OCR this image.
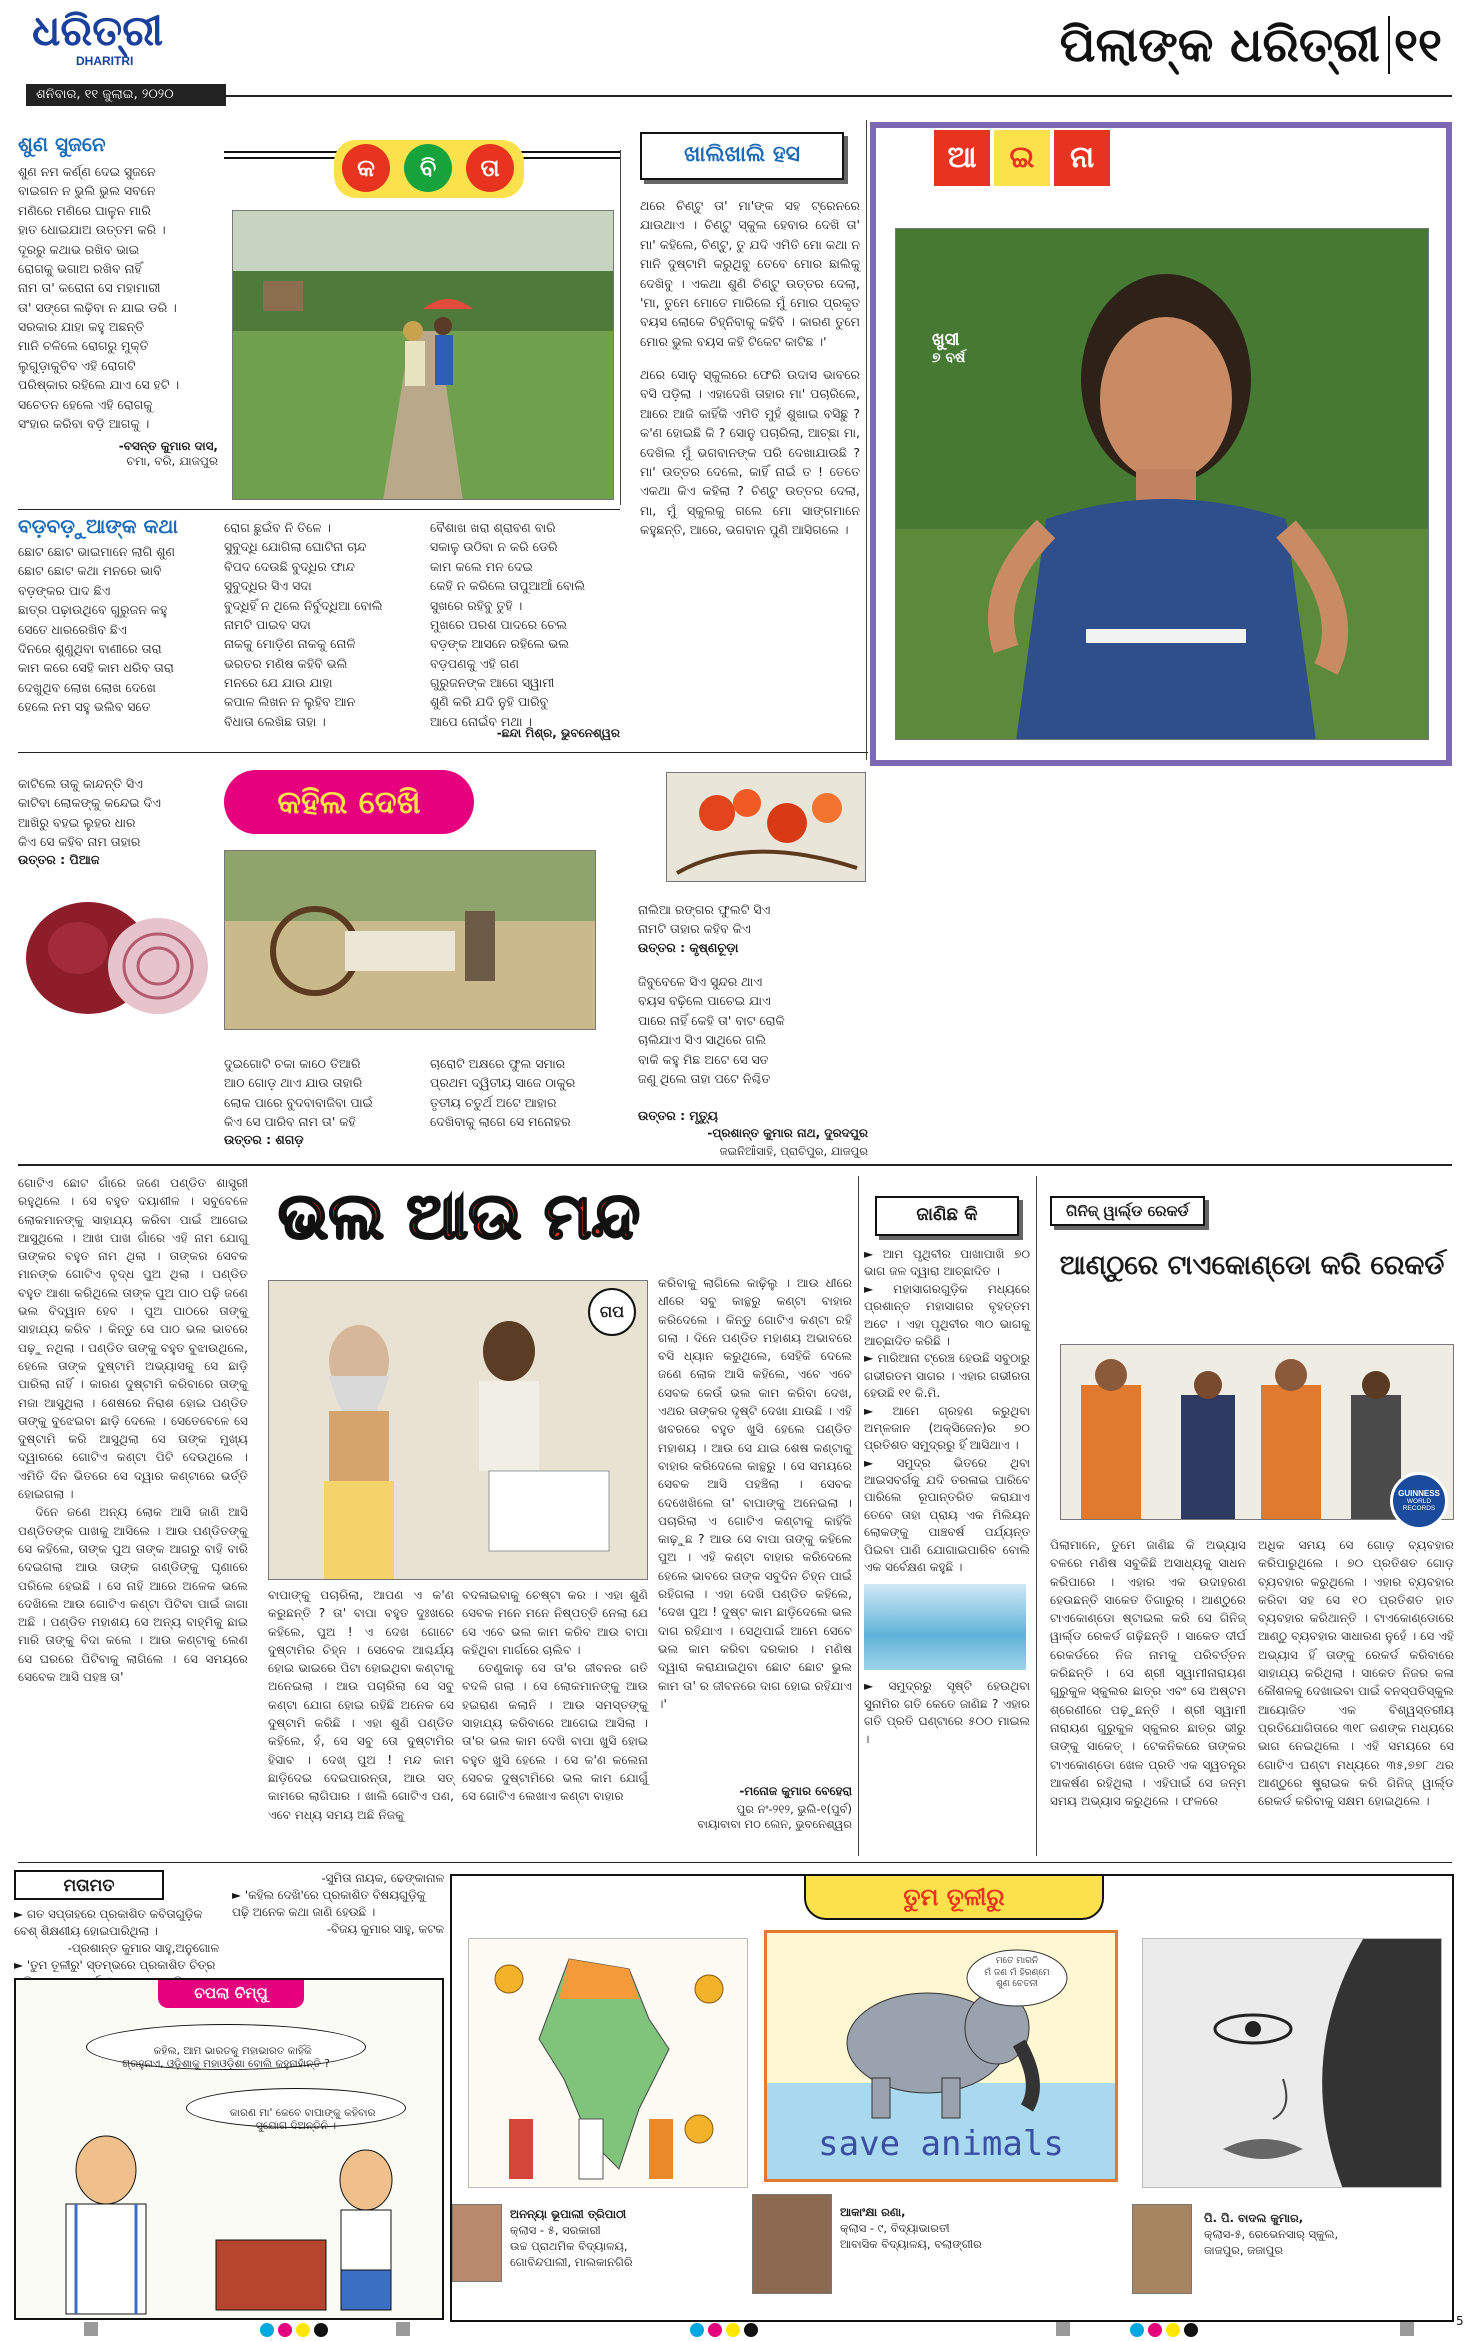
ଧରିତ୍ରୀ
DHARITRI
ଶନିବାର, ୧୧ ଜୁଲାଇ, ୨୦୨୦
ପିଲାଙ୍କ ଧରିତ୍ରୀ ୧୧
ଶୁଣ ସୁଜନେ
ଶୁଣ ନମ କର୍ଣ୍ଣ ଦେଇ ସୁଜନେ
ବାଇଗନ ନ ଭୁଲି ଭୁଲ ସବନେ
ମଣିରେ ମଣିରେ ଘାଳୁନ ମାରି
ହାତ ଧୋଇଯାଅ ଉତ୍ତମ କରି ।
ଦୂରରୁ କଥାଭ ରଖିବ ଭାଇ
ରୋଗକୁ ଭଗାଅ ରଖିବ ନାହିଁ
ନାମ ତା' କରୋନା ସେ ମହାମାରୀ
ତା' ସଙ୍ଗେ ଲଢ଼ିବା ନ ଯାଇ ଡରି ।
ସରକାର ଯାହା କହୁ ଅଛନ୍ତି
ମାନି ଚଳିଲେ ରୋଗରୁ ମୁକ୍ତି
ଲୁଗୁଡ଼ାକୁଚିବ ଏହି ରୋଗଟି
ପରିଷ୍କାର ରହିଲେ ଯାଏ ସେ ହଟି ।
ସଚେତନ ହେଲେ ଏହି ରୋଗକୁ
ସଂହାର କରିବା ବଡ଼ି ଆଗକୁ ।
-ବସନ୍ତ କୁମାର ଦାସ,
ଚମା, ବରି, ଯାଜପୁର
କ	ବି	ତା
ବଡ଼ବଡ଼ୁଆଙ୍କ କଥା
ଛୋଟ ଛୋଟ ଭାଇମାନେ ଲାଗି ଶୁଣ
ଛୋଟ ଛୋଟ କଥା ମନରେ ଭାବି
ବଡ଼ଙ୍କର ପାଦ ଛିଏ
ଛାତ୍ର ପଢ଼ାଉଥିବେ ଗୁରୁଜନ କହୁ
ସେତେ ଧାରରେଖିବ ଛିଏ
ଦିନରେ ଶୁଣୁଥିବା ବାଣୀରେ ତାରା
କାମ କରେ ସେହି କାମ ଧରିବ ତାରା
ଦେଖୁଥିବ ଲୋଖ ଲୋଖ ଦେଖେ
ହେଲେ ନମ ସହୁ ଭଲିବ ସତେ
ରୋଗ ଛୁଇଁବ ନି ତିଳେ ।
ସୁବୁଦ୍ଧି ଯୋଗିଲା ଘୋଟିନା ଚାନ୍ଦ
ବିପଦ ଦେଉଛି ବୁଦ୍ଧିର ଫାନ୍ଦ
ସୁବୁଦ୍ଧିର ସିଏ ସଦା
ବୁଦ୍ଧିହିଁ ନ ଥିଲେ ନିର୍ବୁଦ୍ଧିଆ ବୋଲି
ନାମଟି ପାଇବ ସଦା
ନାକକୁ ମୋଡ଼ିଣ ନାକକୁ ନୋଳି
ଭରତର ମଣିଷ କହିବି ଭଲି
ମନରେ ଯେ ଯାଉ ଯାହା
କପାଳ ଲିଖନ ନ ଲୁହିବ ଆନ
ବିଧାତା ଲେଖିଛ ତାହା ।
ବୈଶାଖ ଖରା ଶ୍ରାବଣ ବାରି
ସକାଳୁ ଉଠିବା ନ କରି ଡେରି
କାମ କଲେ ମନ ଦେଇ
କେହି ନ କରିଲେ ତାପୁଆଆଁ ବୋଲି
ସୁଖରେ ରହିବୁ ତୁହି ।
ମୁଖରେ ପରଶ ପାଦରେ ଚେଲ
ବଡ଼ଙ୍କ ଆସନେ ରହିଲେ ଭଲ
ବଡ଼ପଣକୁ ଏହି ଗଣ
ଗୁରୁଜନଙ୍କ ଆଗେ ସ୍ୱାମୀ
ଶୁଣି କରି ଯଦି ନୁହି ପାରିବୁ
ଆପେ ନୋଇଁବ ମଥା ।
-ଛନ୍ଦା ମିଶ୍ର, ଭୁବନେଶ୍ୱର
ଖାଲିଖାଲି ହସ
ଥରେ ଚିଣ୍ଟୁ ତା' ମା'ଙ୍କ ସହ ଟ୍ରେନରେ ଯାଉଥାଏ । ଚିଣ୍ଟୁ ସ୍କୁଲ ହେବାର ଦେଖି ତା' ମା' କହିଲେ, ଚିଣ୍ଟୁ, ତୁ ଯଦି ଏମିତି ମୋ କଥା ନ ମାନି ଦୁଷ୍ଟାମି କରୁଥିବୁ ତେବେ ମୋର ଛାଲିକୁ ଦେଖିବୁ । ଏକଥା ଶୁଣି ଚିଣ୍ଟୁ ଉତ୍ତର ଦେଲା, 'ମା, ତୁମେ ମୋତେ ମାରିଲେ ମୁଁ ମୋର ପ୍ରକୃତ ବୟସ ଲୋକେ ଚିହ୍ନିବାକୁ କହିବି । କାରଣ ତୁମେ ମୋର ଭୁଲ ବୟସ କହି ଟିକେଟ କାଟିଛ ।'
ଥରେ ସୋନୁ ସ୍କୁଲରେ ଫେରି ଉଦାସ ଭାବରେ ବସି ପଡ଼ିଲା । ଏହାଦେଖି ତାହାର ମା' ପଚାରିଲେ, ଆରେ ଆଜି କାହିଁକି ଏମିତି ମୁହଁ ଶୁଖାଇ ବସିଛୁ ? କ'ଣ ହୋଇଛି କି ? ସୋନୁ ପଚାରିଲା, ଆଚ୍ଛା ମା, ଦେଖିଲ ମୁଁ ଭଗବାନଙ୍କ ପରି ଦେଖାଯାଉଛି ? ମା' ଉତ୍ତର ଦେଲେ, କାହିଁ ନାଇଁ ତ ! ତେତେ ଏକଥା କିଏ କହିଲା ? ଚିଣ୍ଟୁ ଉତ୍ତର ଦେଲା, ମା, ମୁଁ ସ୍କୁଲକୁ ଗଲେ ମୋ ସାଙ୍ଗମାନେ କହୁଛନ୍ତି, ଆରେ, ଭଗବାନ ପୁଣି ଆସିଗଲେ ।
ଆ	ଇ	ନା
ଖୁସୀ
୭ ବର୍ଷ
କାଟିଲେ ତାକୁ କାନ୍ଦନ୍ତି ସିଏ
କାଟିବା ଲୋକଙ୍କୁ କନ୍ଦେଇ ଦିଏ
ଆଖିରୁ ବହଇ ଲୁହର ଧାର
କିଏ ସେ କହିବ ନାମ ତାହାର
ଉତ୍ତର : ପିଆଜ
କହିଲ ଦେଖି
ନାଲିଆ ରଙ୍ଗର ଫୁଲଟି ସିଏ
ନାମଟି ତାହାର କହିବ କିଏ
ଉତ୍ତର : କୃଷ୍ଣଚୂଡ଼ା
ଜିବୁବେଳେ ସିଏ ସୁନ୍ଦର ଥାଏ
ବୟସ ବଢ଼ିଲେ ପାଚେଇ ଯାଏ
ପାରେ ନାହିଁ କେହି ତା' ବାଟ ରୋକି
ଚାଲିଯାଏ ସିଏ ସାଥିରେ ଗଲି
ବାକି କହୁ ମିଛ ଅଟେ ସେ ସତ
ଜଣୁ ଥିଲେ ତାହା ପଟେ ନିଶ୍ଚିତ
ଉତ୍ତର : ମୃତ୍ୟୁ
-ପ୍ରଶାନ୍ତ କୁମାର ନାଥ, ଦୁରଦପୁର
ଜଇନିଆଁସାହି, ପ୍ରାଚିପୁର, ଯାଜପୁର
ଦୁଇଗୋଟି ଚକା କାଠେ ତିଆରି
ଆଠ ଗୋଡ଼ ଥାଏ ଯାଉ ତାହାରି
ଲୋକ ପାରେ ବୁଦବାବାଜିବା ପାଇଁ
କିଏ ସେ ପାରିବ ନାମ ତା' କହି
ଉତ୍ତର : ଶଗଡ଼
ଚାରୋଟି ଅକ୍ଷରେ ଫୁଲ ସମାର
ପ୍ରଥମ ଦ୍ୱିତୀୟ ସାଜେ ଠାକୁର
ତୃତୀୟ ଚତୁର୍ଥ ଅଟେ ଆହାର
ଦେଖିବାକୁ ଲାଗେ ସେ ମନୋହର
ଗୋଟିଏ ଛୋଟ ଗାଁରେ ଜଣେ ପଣ୍ଡିତ ଶାସ୍ତ୍ରୀ ରହୁଥିଲେ । ସେ ବହୁତ ଦୟାଶୀଳ । ସବୁବେଳେ ଲୋକମାନଙ୍କୁ ସାହାଯ୍ୟ କରିବା ପାଇଁ ଆଗେଇ ଆସୁଥିଲେ । ଆଖ ପାଖ ଗାଁରେ ଏହି ନାମ ଯୋଗୁ ତାଙ୍କର ବହୁତ ନାମ ଥିଲା । ତାଙ୍କର ସେବକ ମାନଙ୍କ ଗୋଟିଏ ବୃଦ୍ଧ ପୁଅ ଥିଲା । ପଣ୍ଡିତ ବହୁତ ଆଶା କରିଥିଲେ ତାଙ୍କ ପୁଅ ପାଠ ପଢ଼ି ଜଣେ ଭଲ ବିଦ୍ୱାନ ହେବ । ପୁଅ ପାଠରେ ତାଙ୍କୁ ସାହାଯ୍ୟ କରିବ । କିନ୍ତୁ ସେ ପାଠ ଭଲ ଭାବରେ ପଢ଼ୁ ନଥିଲା । ପଣ୍ଡିତ ତାଙ୍କୁ ବହୁତ ବୁଝାଉଥିଲେ, ହେଲେ ତାଙ୍କ ଦୁଷ୍ଟାମି ଅଭ୍ୟାସକୁ ସେ ଛାଡ଼ି ପାରିଲା ନାହିଁ । କାରଣ ଦୁଷ୍ଟାମି କରିବାରେ ତାଙ୍କୁ ମଜା ଆସୁଥିଲା । ଶେଷରେ ନିରାଶ ହୋଇ ପଣ୍ଡିତ ତାଙ୍କୁ ବୁଝେଇବା ଛାଡ଼ି ଦେଲେ । ସେତେବେଳେ ସେ ଦୁଷ୍ଟାମି କରି ଆସୁଥିଲା ସେ ତାଙ୍କ ମୁଖ୍ୟ ଦ୍ୱାରରେ ଗୋଟିଏ କଣ୍ଟା ପିଟି ଦେଉଥିଲେ । ଏମିତି ଦିନ ଭିତରେ ସେ ଦ୍ୱାର କଣ୍ଟାରେ ଭର୍ତ୍ତି ହୋଇଗଲା ।
ଦିନେ ଜଣେ ଅନ୍ୟ ଲୋକ ଆସି ଜାଣି ଆସି ପଣ୍ଡିତଙ୍କ ପାଖକୁ ଆସିଲେ । ଆଉ ପଣ୍ଡିତଙ୍କୁ ସେ କହିଲେ, ତାଙ୍କ ପୁଅ ତାଙ୍କ ଆଗରୁ ବାହି ବାରି ଦେଇଗଲା ଆଉ ତାଙ୍କ ଗଣ୍ଡିଙ୍କୁ ଘୃଣାରେ ପରିଲେ ହେଇଛି । ସେ ନାହି ଆରେ ଅଳେକ ଭଲେ ଦେଖିଲେ ଆଉ ଗୋଟିଏ କଣ୍ଟା ପିଟିବା ପାଇଁ ଜାଗା ଅଛି । ପଣ୍ଡିତ ମହାଶୟ ସେ ଅନ୍ୟ ବାହ୍ମିକୁ ଛାଇ ମାରି ତାଙ୍କୁ ବିଦା କଲେ । ଆଉ କଣ୍ଟାକୁ ଲେଣ ସେ ଘରରେ ପିଟିବାକୁ ଲାଗିଲେ । ସେ ସମୟରେ ସେବେକ ଆସି ପହଞ୍ଚ ତା'
ଭଲ ଆଉ ମନ୍ଦ
ଗପ
କରିବାକୁ ଲାଗିଲେ କାଢ଼ିଲୁ । ଆଉ ଧୀରେ ଧୀରେ ସବୁ କାନ୍ଥରୁ କଣ୍ଟା ବାହାର କରିଦେଲେ । କିନ୍ତୁ ଗୋଟିଏ କଣ୍ଟା ରହି ଗଲା । ଦିନେ ପଣ୍ଡିତ ମହାଶୟ ଅଭାବରେ ବସି ଧ୍ୟାନ କରୁଥିଲେ, ସେହିକି ଦେଲେ ଜଣେ ଲୋକ ଆସି କହିଲେ, ଏବେ ଏବେ ସେବକ କେଉଁ ଭଲ କାମ କରିବା ଦେଖ, ଏଥର ତାଙ୍କର ଦୃଷ୍ଟି ଦେଖା ଯାଉଛି । ଏହି ଖବରରେ ବହୁତ ଖୁସି ହେଲେ ପଣ୍ଡିତ ମହାଶୟ । ଆଉ ସେ ଯାଇ ଶେଷ କଣ୍ଟାକୁ ବାହାର କରିଦେଲେ କାନ୍ଥରୁ । ସେ ସମୟରେ ସେବକ ଆସି ପହଞ୍ଚିଲା । ସେବକ ଦେଖେଖିଲେ ତା' ବାପାଙ୍କୁ ଅନେଇଲା । ପଚାରିଲା ଏ ଗୋଟିଏ କଣ୍ଟାକୁ କାହିଁକି କାଢ଼ୁଛ ? ଆଉ ସେ ବାପା ତାଙ୍କୁ କହିଲେ ପୁଅ । ଏହି କଣ୍ଟା ବାହାର କରିଦେଲେ ହେଲେ ଭାବରେ ତାଙ୍କ ସବୁଦିନ ଚିହ୍ନ ପାଇଁ ରହିଗଲା । ଏହା ଦେଖି ପଣ୍ଡିତ କହିଲେ, 'ଦେଖ ପୁଅ ! ଦୁଷ୍ଟ କାମ ଛାଡ଼ିଦେଲେ ଭଲ ଦାଗ ରହିଯାଏ । ସେଥିପାଇଁ ଆମେ ସେବେ ଭଲ କାମ କରିବା ଦରକାର । ମଣିଷ ଦ୍ୱାରା କରାଯାଇଥିବା ଛୋଟ ଛୋଟ ଭୁଲ କାମ ତା' ର ଜୀବନରେ ଦାଗ ହୋଇ ରହିଯାଏ ।'
ବାପାଙ୍କୁ ପଚାରିଲା, ଆପଣ ଏ କ'ଣ କରୁଛନ୍ତି ? ତା' ବାପା ବହୁତ ଦୁଃଖରେ କହିଲେ, ପୁଅ ! ଏ ଦେଖ ଗୋଟେ ଦୁଷ୍ଟାମିର ଚିହ୍ନ । ସେବେକ ଆଶ୍ଚର୍ଯ୍ୟ ହୋଇ ଭାଇରେ ପିଟା ହୋଇଥିବା କଣ୍ଟାକୁ ଅନେଇଲା । ଆଉ ପଚାରିଲା ସେ ସବୁ କଣ୍ଟା ଯୋଗ ହୋଇ ରହିଛି ଅନେକ ସେ ଦୁଷ୍ଟାମି କରିଛି । ଏହା ଶୁଣି ପଣ୍ଡିତ କହିଲେ, ହଁ, ସେ ସବୁ ତୋ ଦୁଷ୍ଟାମିର ହିସାବ । ଦେଖ୍ ପୁଅ ! ମନ୍ଦ କାମ ଛାଡ଼ିଦେଇ ଦେଇପାରନ୍ତା, ଆଉ ସତ୍ କାମରେ ଲାଗିପାର । ଖାଲି ଗୋଟିଏ ପଣ, ଏବେ ମଧ୍ୟ ସମୟ ଅଛି ନିଜକୁ
ବଦଳାଇବାକୁ ଚେଷ୍ଟା କର । ଏହା ଶୁଣି ସେବକ ମନେ ମନେ ନିଷ୍ପତ୍ତି ନେଲା ଯେ ସେ ଏବେ ଭଲ କାମ କରିବ ଆଉ ବାପା କହିଥିବା ମାର୍ଗରେ ଚାଲିବ ।
ତେଣୁକାଳୁ ସେ ତା'ର ଜୀବନର ଗତି ବଦଳି ଗଲା । ସେ ଲୋକମାନଙ୍କୁ ଆଉ ହଇରାଣ କଲାନି । ଆଉ ସମସ୍ତଙ୍କୁ ସାହାଯ୍ୟ କରିବାରେ ଆଗେଇ ଆସିଲା । ତା'ର ଭଲ କାମ ଦେଖି ବାପା ଖୁସି ହୋଇ ବହୁତ ଖୁସି ହେଲେ । ସେ କ'ଣ କଲେନା ସେବକ ଦୁଷ୍ଟାମିରେ ଭଲ କାମ ଯୋଗୁଁ ସେ ଗୋଟିଏ ଲେଖାଏ କଣ୍ଟା ବାହାର	-ମନୋଜ କୁମାର ବେହେରା
ପୁର ନଂ-୨୧୨, ଭୁଲି-୧(ପୁର୍ବ)
ବାୟାବାବା ମଠ ଲେନ, ଭୁବନେଶ୍ୱର
ଜାଣିଛ କି
► ଆମ ପୃଥିବୀର ପାଖାପାଖି ୭୦ ଭାଗ ଜଳ ଦ୍ୱାରା ଆଚ୍ଛାଦିତ ।
► ମହାସାଗରଗୁଡ଼ିକ ମଧ୍ୟରେ ପ୍ରଶାନ୍ତ ମହାସାଗର ବୃହତ୍ତମ ଅଟେ । ଏହା ପୃଥିବୀର ୩୦ ଭାଗକୁ ଆଚ୍ଛାଦିତ କରିଛି ।
► ମାରିଆନା ଟ୍ରେଞ୍ଚ ହେଉଛି ସବୁଠାରୁ ଗଭୀରତମ ସାଗର । ଏହାର ଗଭୀରତା ହେଉଛି ୧୧ କି.ମି.
► ଆମେ ଗ୍ରହଣ କରୁଥିବା ଅମ୍ଳଜାନ (ଅକ୍ସିଜେନ)ର ୭୦ ପ୍ରତିଶତ ସମୁଦ୍ରରୁ ହିଁ ଆସିଥାଏ ।
► ସମୁଦ୍ର ଭିତରେ ଥିବା ଆଇସବର୍ଗକୁ ଯଦି ତରଳାଇ ପାରିବେ ପାରିଲେ ରୂପାନ୍ତରିତ କରାଯାଏ ତେବେ ତାହା ପ୍ରାୟ ଏକ ମିଲିୟନ ଲୋକଙ୍କୁ ପାଞ୍ଚବର୍ଷ ପର୍ଯ୍ୟନ୍ତ ପିଇବା ପାଣି ଯୋଗାଇପାରିବ ବୋଲି ଏକ ସର୍ବେକ୍ଷଣ କହୁଛି ।
► ସମୁଦ୍ରରୁ ସୃଷ୍ଟି ହେଉଥିବା ସୁନାମିର ଗତି କେତେ ଜାଣିଛ ? ଏହାର ଗତି ପ୍ରତି ଘଣ୍ଟାରେ ୫୦୦ ମାଇଲ ।
ଗିନିଜ୍ ୱାର୍ଲ୍ଡ ରେକର୍ଡ
ଆଣ୍ଠୁରେ ଟାଏକୋଣ୍ଡୋ କରି ରେକର୍ଡ
GUINNESS
WORLD RECORDS
ପିଲାମାନେ, ତୁମେ ଜାଣିଛ କି ଅଭ୍ୟାସ ବଳରେ ମଣିଷ ସବୁକିଛି ଅସାଧ୍ୟକୁ ସାଧନ କରିପାରେ । ଏହାର ଏକ ଉଦାହରଣ ହେଉଛନ୍ତି ସାକେତ ତିଗାରୁର୍ । ଆଣ୍ଠୁରେ ଟାଏକୋଣ୍ଡୋ ଷ୍ଟାଇଲ କରି ସେ ଗିନିଜ୍ ୱାର୍ଲ୍ଡ ରେକର୍ଡ ଗଢ଼ିଛନ୍ତି । ସାକେତ ଦୀର୍ଘ ରେକର୍ଡରେ ନିଜ ନାମକୁ ପରିବର୍ତ୍ତନ କରିଛନ୍ତି । ସେ ଶ୍ରୀ ସ୍ୱାମୀନାରାୟଣ ଗୁରୁକୁଳ ସ୍କୁଲର ଛାତ୍ର ଏବଂ ସେ ଅଷ୍ଟମ ଶ୍ରେଣୀରେ ପଢ଼ୁଛନ୍ତି । ଶ୍ରୀ ସ୍ୱାମୀ ନାରାୟଣ ଗୁରୁକୁଳ ସ୍କୁଲର ଛାତ୍ର ଭୀରୁ ତାଙ୍କୁ ସାକେତ୍ । ଟେକନିକରେ ତାଙ୍କର ଟାଏକୋଣ୍ଡୋ ଖେଳ ପ୍ରତି ଏକ ସ୍ୱତନ୍ତ୍ର ଆକର୍ଷଣ ରହିଥିଲା । ଏହିପାଇଁ ସେ ଜନ୍ମ ସମୟ ଅଭ୍ୟାସ କରୁଥିଲେ । ଫଳରେ
ଅଧିକ ସମୟ ସେ ଗୋଡ଼ ବ୍ୟବହାର କରିପାରୁଥିଲେ । ୭୦ ପ୍ରତିଶତ ଗୋଡ଼ ବ୍ୟବହାର କରୁଥିଲେ । ଏହାର ବ୍ୟବହାର କରିବା ସହ ସେ ୧୦ ପ୍ରତିଶତ ହାତ ବ୍ୟବହାର କରିଥାନ୍ତି । ଟାଏକୋଣ୍ଡୋରେ ଆଣ୍ଠୁ ବ୍ୟବହାର ସାଧାରଣ ନୁହେଁ । ସେ ଏହି ଅଭ୍ୟାସ ହିଁ ତାଙ୍କୁ ରେକର୍ଡ କରିବାରେ ସାହାଯ୍ୟ କରିଥିଲା । ସାକେତ ନିଜର କଳା କୌଶଳକୁ ଦେଖାଇବା ପାଇଁ ବନସ୍ପତିସ୍କୁଲ ଆୟୋଜିତ ଏକ ବିଶ୍ୱସ୍ତରୀୟ ପ୍ରତିଯୋଗିତାରେ ୩୧୮ ଜଣଙ୍କ ମଧ୍ୟରେ ଭାଗ ନେଇଥିଲେ । ଏହି ସମୟରେ ସେ ଗୋଟିଏ ଘଣ୍ଟା ମଧ୍ୟରେ ୩୫,୭୭୮ ଥର ଆଣ୍ଠୁରେ ଷ୍ଟ୍ରାଇକ କରି ଗିନିଜ୍ ୱାର୍ଲ୍ଡ ରେକର୍ଡ କରିବାକୁ ସକ୍ଷମ ହୋଇଥିଲେ ।
ମତାମତ
► ଗତ ସପ୍ତାହରେ ପ୍ରକାଶିତ କବିତାଗୁଡ଼ିକ ବେଶ୍ ଶିକ୍ଷଣୀୟ ହୋଇପାରିଥିଲା ।
-ପ୍ରଶାନ୍ତ କୁମାର ସାହୁ,ଅନୁଗୋଳ
► 'ତୁମ ତୂଳୀରୁ' ସ୍ତମ୍ଭରେ ପ୍ରକାଶିତ ଚିତ୍ର
-ସୁମିତା ନାୟକ, ଢେଙ୍କାନାଳ
► 'କହିଲ ଦେଖି'ରେ ପ୍ରକାଶିତ ବିଷୟଗୁଡ଼ିକୁ ପଢ଼ି ଅନେକ କଥା ଜାଣି ହେଉଛି ।
-ବିଜୟ କୁମାର ସାହୁ, କଟକ
ଚପଲା ଚିମ୍ପୁ

କହିଲ, ଆମ ଭାରତକୁ ମହାଭାରତ କାହିଁକି
ଗ୍ରହୁନାଏ, ଓଡ଼ିଶାକୁ ମହାଓଡ଼ିଶା ବୋଲି କହୁନାହାଁନ୍ତି ?

କାରଣ ମା' କେବେ ବାପାଙ୍କୁ କହିବାର
ସୁଯୋଗ ଦିଅନ୍ତିନି ।

ତୁମ ତୂଳୀରୁ
ଅନନ୍ୟା ଭୂପାଲୀ ତ୍ରିପାଠୀ
କ୍ଲାସ - ୫, ସରକାରୀ
ଉଚ୍ଚ ପ୍ରାଥମିକ ବିଦ୍ୟାଳୟ,
ଗୋବିନ୍ଦପାଲୀ, ମାଲକାନଗିରି
ମତେ ମାରନି
ମଁ ଜଣ ମଁ ହିରଣ୍ମେ
ଶୁଣ ଚେତନୀ
save animals
ଆକାଂକ୍ଷା ରଣା,
କ୍ଲାସ - ୯, ବିଦ୍ୟାଭାରତୀ
ଆବାସିକ ବିଦ୍ୟାଳୟ, ବଲାଙ୍ଗୀର
ପି. ପି. ବାଦଲ କୁମାର,
କ୍ଲାସ-୫, ରେଭେନସାର୍ ସ୍କୁଲ,
ଜାଜପୁର, ଜଜାପୁର
5
